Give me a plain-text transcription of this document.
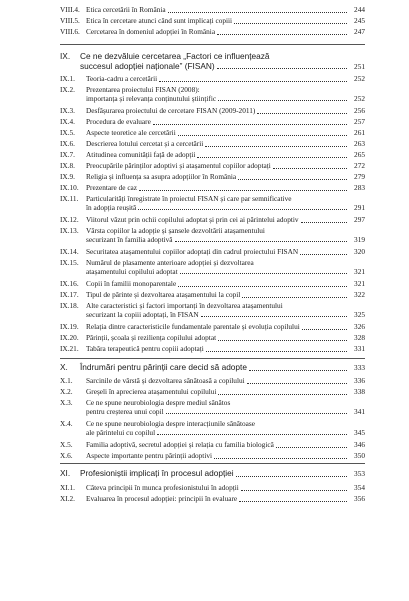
VIII.4. Etica cercetării în România	244
VIII.5. Etica în cercetare atunci când sunt implicați copiii	245
VIII.6. Cercetarea în domeniul adopției în România	247
IX. Ce ne dezvăluie cercetarea „Factori ce influențează
succesul adopției naționale” (FISAN)	251
IX.1. Teoria-cadru a cercetării	252
IX.2. Prezentarea proiectului FISAN (2008):
importanța și relevanța conținutului științific	252
IX.3. Desfășurarea proiectului de cercetare FISAN (2009-2011)	256
IX.4. Procedura de evaluare	257
IX.5. Aspecte teoretice ale cercetării	261
IX.6. Descrierea lotului cercetat și a cercetării	263
IX.7. Atitudinea comunității față de adopții	265
IX.8. Preocupările părinților adoptivi și atașamentul copiilor adoptați	272
IX.9. Religia și influența sa asupra adopțiilor în România	279
IX.10. Prezentare de caz	283
IX.11. Particularități înregistrate în proiectul FISAN și care par semnificative
în adopția reușită	291
IX.12. Viitorul văzut prin ochii copilului adoptat și prin cei ai părintelui adoptiv	297
IX.13. Vârsta copiilor la adopție și șansele dezvoltării atașamentului
securizant în familia adoptivă	319
IX.14. Securitatea atașamentului copiilor adoptați din cadrul proiectului FISAN	320
IX.15. Numărul de plasamente anterioare adopției și dezvoltarea
atașamentului copilului adoptat	321
IX.16. Copii în familii monoparentale	321
IX.17. Tipul de părinte și dezvoltarea atașamentului la copil	322
IX.18. Alte caracteristici și factori importanți în dezvoltarea atașamentului
securizant la copiii adoptați, în FISAN	325
IX.19. Relația dintre caracteristicile fundamentale parentale și evoluția copilului	326
IX.20. Părinții, școala și reziliența copilului adoptat	328
IX.21. Tabăra terapeutică pentru copiii adoptați	331
X. Îndrumări pentru părinții care decid să adopte	333
X.1. Sarcinile de vârstă și dezvoltarea sănătoasă a copilului	336
X.2. Greșeli în aprecierea atașamentului copilului	338
X.3. Ce ne spune neurobiologia despre mediul sănătos
pentru creșterea unui copil	341
X.4. Ce ne spune neurobiologia despre interacțiunile sănătoase
ale părintelui cu copilul	345
X.5. Familia adoptivă, secretul adopției și relația cu familia biologică	346
X.6. Aspecte importante pentru părinții adoptivi	350
XI. Profesioniștii implicați în procesul adopției	353
XI.1. Câteva principii în munca profesionistului în adopții	354
XI.2. Evaluarea în procesul adopției: principii în evaluare	356
